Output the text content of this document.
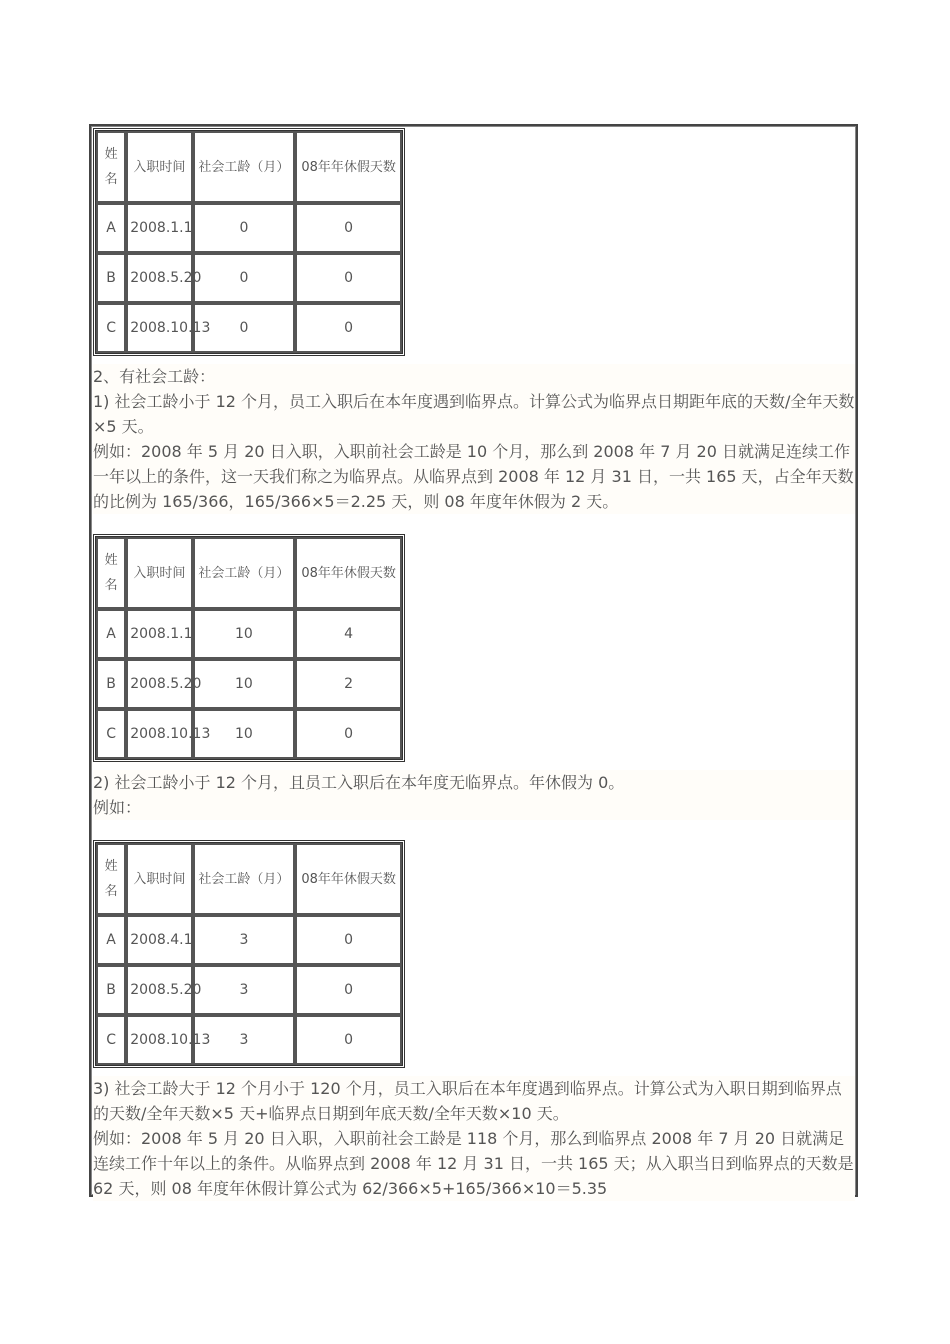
姓名	入职时间	社会工龄（月）	08年年休假天数
A	2008.1.1	0	0
B	2008.5.20	0	0
C	2008.10.13	0	0

2、有社会工龄：

1) 社会工龄小于 12 个月，员工入职后在本年度遇到临界点。计算公式为临界点日期距年底的天数/全年天数×5 天。

例如：2008 年 5 月 20 日入职，入职前社会工龄是 10 个月，那么到 2008 年 7 月 20 日就满足连续工作一年以上的条件，这一天我们称之为临界点。从临界点到 2008 年 12 月 31 日，一共 165 天，占全年天数的比例为 165/366，165/366×5＝2.25 天，则 08 年度年休假为 2 天。

姓名	入职时间	社会工龄（月）	08年年休假天数
A	2008.1.1	10	4
B	2008.5.20	10	2
C	2008.10.13	10	0

2) 社会工龄小于 12 个月，且员工入职后在本年度无临界点。年休假为 0。

例如：

姓名	入职时间	社会工龄（月）	08年年休假天数
A	2008.4.1	3	0
B	2008.5.20	3	0
C	2008.10.13	3	0

3) 社会工龄大于 12 个月小于 120 个月，员工入职后在本年度遇到临界点。计算公式为入职日期到临界点的天数/全年天数×5 天+临界点日期到年底天数/全年天数×10 天。

例如：2008 年 5 月 20 日入职，入职前社会工龄是 118 个月，那么到临界点 2008 年 7 月 20 日就满足连续工作十年以上的条件。从临界点到 2008 年 12 月 31 日，一共 165 天；从入职当日到临界点的天数是 62 天，则 08 年度年休假计算公式为 62/366×5+165/366×10＝5.35
